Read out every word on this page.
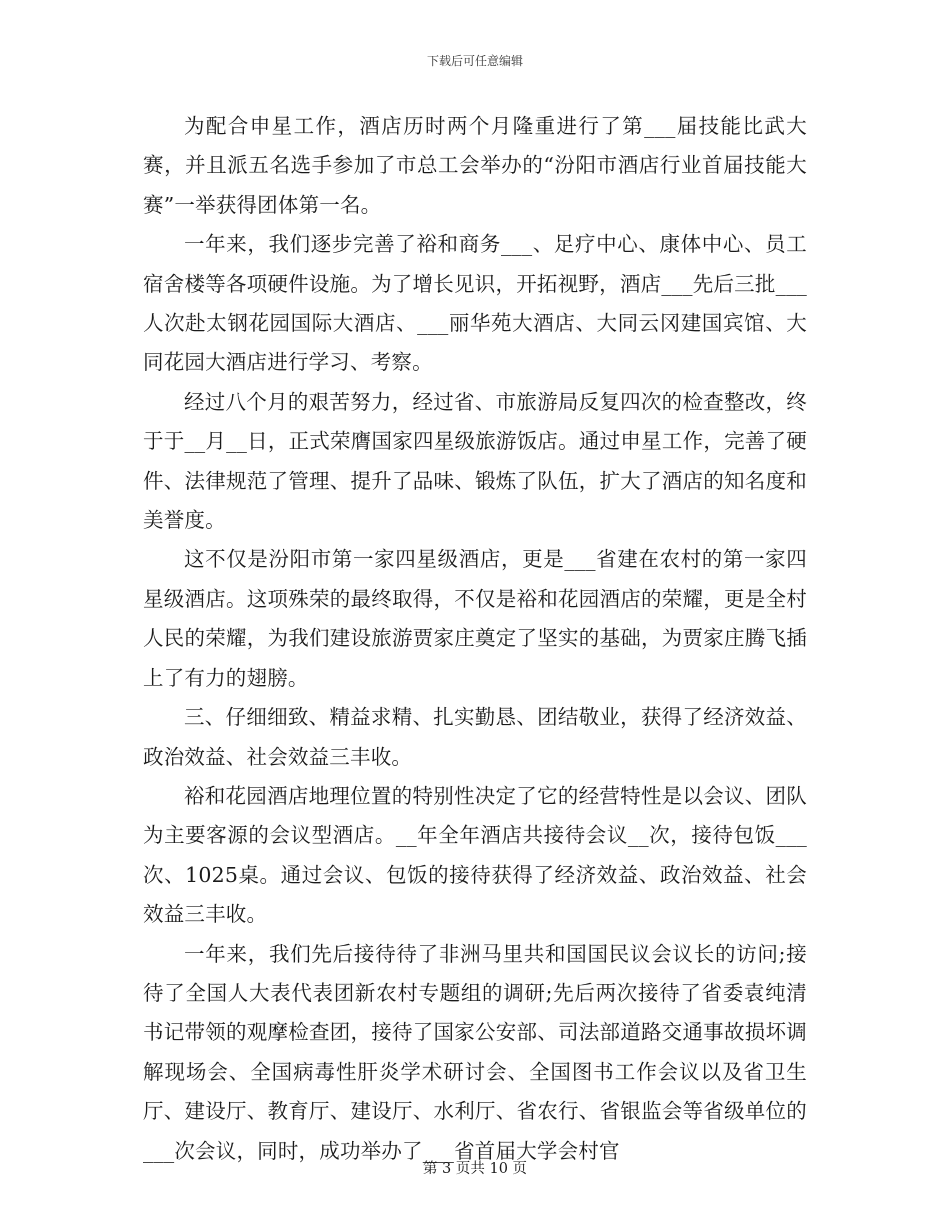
下载后可任意编辑

为配合申星工作，酒店历时两个月隆重进行了第___届技能比武大赛，并且派五名选手参加了市总工会举办的“汾阳市酒店行业首届技能大赛”一举获得团体第一名。

一年来，我们逐步完善了裕和商务___、足疗中心、康体中心、员工宿舍楼等各项硬件设施。为了增长见识，开拓视野，酒店___先后三批___人次赴太钢花园国际大酒店、___丽华苑大酒店、大同云冈建国宾馆、大同花园大酒店进行学习、考察。

经过八个月的艰苦努力，经过省、市旅游局反复四次的检查整改，终于于__月__日，正式荣膺国家四星级旅游饭店。通过申星工作，完善了硬件、法律规范了管理、提升了品味、锻炼了队伍，扩大了酒店的知名度和美誉度。

这不仅是汾阳市第一家四星级酒店，更是___省建在农村的第一家四星级酒店。这项殊荣的最终取得，不仅是裕和花园酒店的荣耀，更是全村人民的荣耀，为我们建设旅游贾家庄奠定了坚实的基础，为贾家庄腾飞插上了有力的翅膀。

三、仔细细致、精益求精、扎实勤恳、团结敬业，获得了经济效益、政治效益、社会效益三丰收。

裕和花园酒店地理位置的特别性决定了它的经营特性是以会议、团队为主要客源的会议型酒店。__年全年酒店共接待会议__次，接待包饭___次、1025桌。通过会议、包饭的接待获得了经济效益、政治效益、社会效益三丰收。

一年来，我们先后接待待了非洲马里共和国国民议会议长的访问;接待了全国人大表代表团新农村专题组的调研;先后两次接待了省委袁纯清书记带领的观摩检查团，接待了国家公安部、司法部道路交通事故损坏调解现场会、全国病毒性肝炎学术研讨会、全国图书工作会议以及省卫生厅、建设厅、教育厅、建设厅、水利厅、省农行、省银监会等省级单位的___次会议，同时，成功举办了___省首届大学会村官

第 3 页共 10 页
